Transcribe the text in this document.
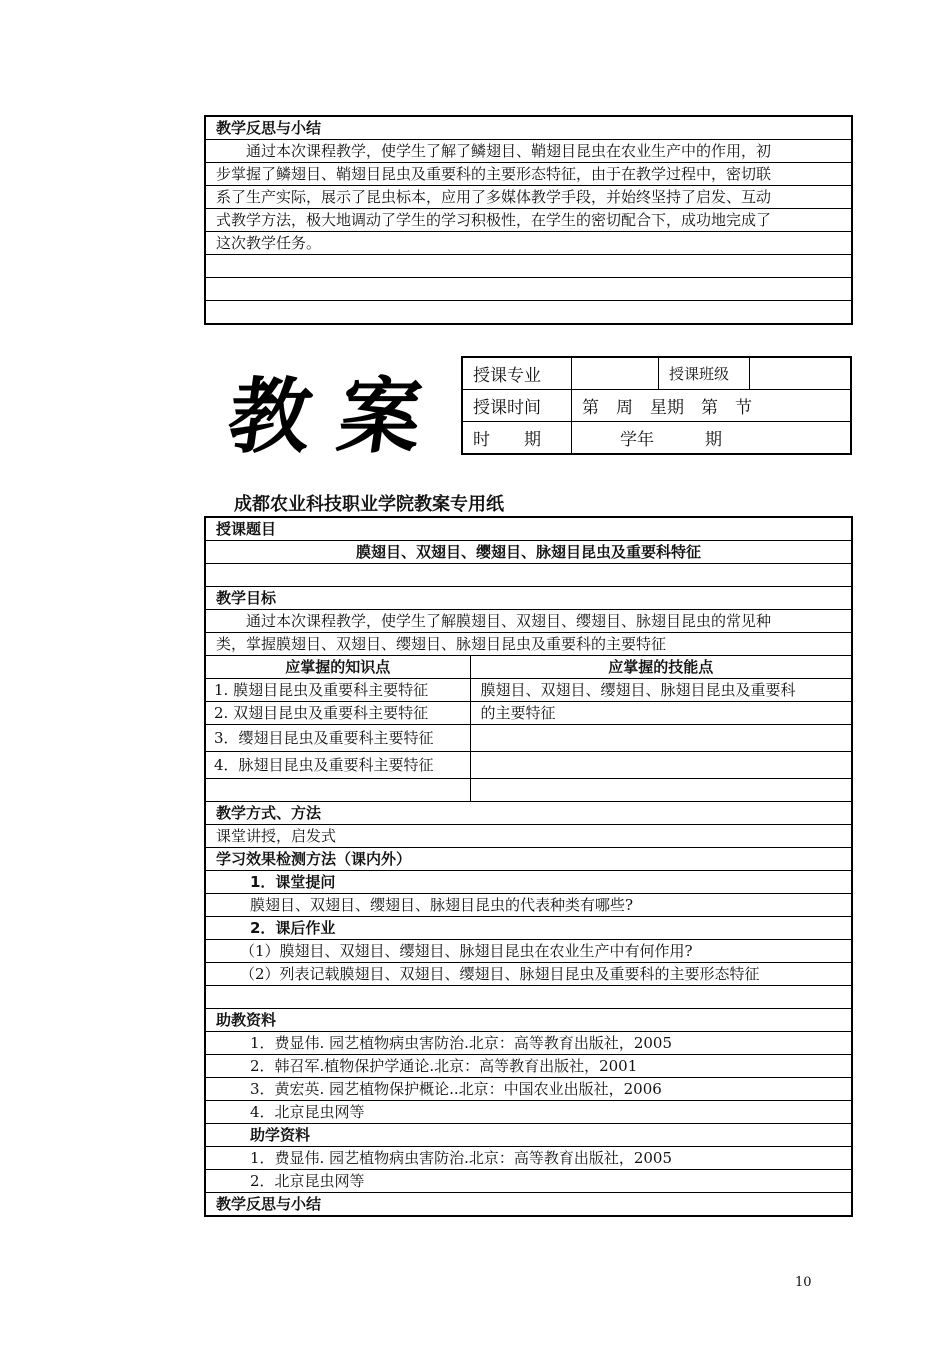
教学反思与小结
　　通过本次课程教学，使学生了解了鳞翅目、鞘翅目昆虫在农业生产中的作用，初
步掌握了鳞翅目、鞘翅目昆虫及重要科的主要形态特征，由于在教学过程中，密切联
系了生产实际，展示了昆虫标本，应用了多媒体教学手段，并始终坚持了启发、互动
式教学方法，极大地调动了学生的学习积极性，在学生的密切配合下，成功地完成了
这次教学任务。

教案 授课专业		授课班级	
授课时间	第　周　星期　第　节		
时　　期	学年　　　期		
成都农业科技职业学院教案专用纸
授课题目	
膜翅目、双翅目、缨翅目、脉翅目昆虫及重要科特征	

教学目标	
　　通过本次课程教学，使学生了解膜翅目、双翅目、缨翅目、脉翅目昆虫的常见种	
类，掌握膜翅目、双翅目、缨翅目、脉翅目昆虫及重要科的主要特征	
应掌握的知识点	应掌握的技能点
1. 膜翅目昆虫及重要科主要特征	膜翅目、双翅目、缨翅目、脉翅目昆虫及重要科
2. 双翅目昆虫及重要科主要特征	的主要特征
3．缨翅目昆虫及重要科主要特征	
4．脉翅目昆虫及重要科主要特征	

教学方式、方法	
课堂讲授，启发式	
学习效果检测方法（课内外）	
1．课堂提问	
膜翅目、双翅目、缨翅目、脉翅目昆虫的代表种类有哪些?	
2．课后作业	
（1）膜翅目、双翅目、缨翅目、脉翅目昆虫在农业生产中有何作用?	
（2）列表记载膜翅目、双翅目、缨翅目、脉翅目昆虫及重要科的主要形态特征	

助教资料	
1．费显伟. 园艺植物病虫害防治.北京：高等教育出版社，2005	
2．韩召军.植物保护学通论.北京：高等教育出版社，2001	
3．黄宏英. 园艺植物保护概论..北京：中国农业出版社，2006	
4．北京昆虫网等	
助学资料	
1．费显伟. 园艺植物病虫害防治.北京：高等教育出版社，2005	
2．北京昆虫网等	
教学反思与小结	
10
